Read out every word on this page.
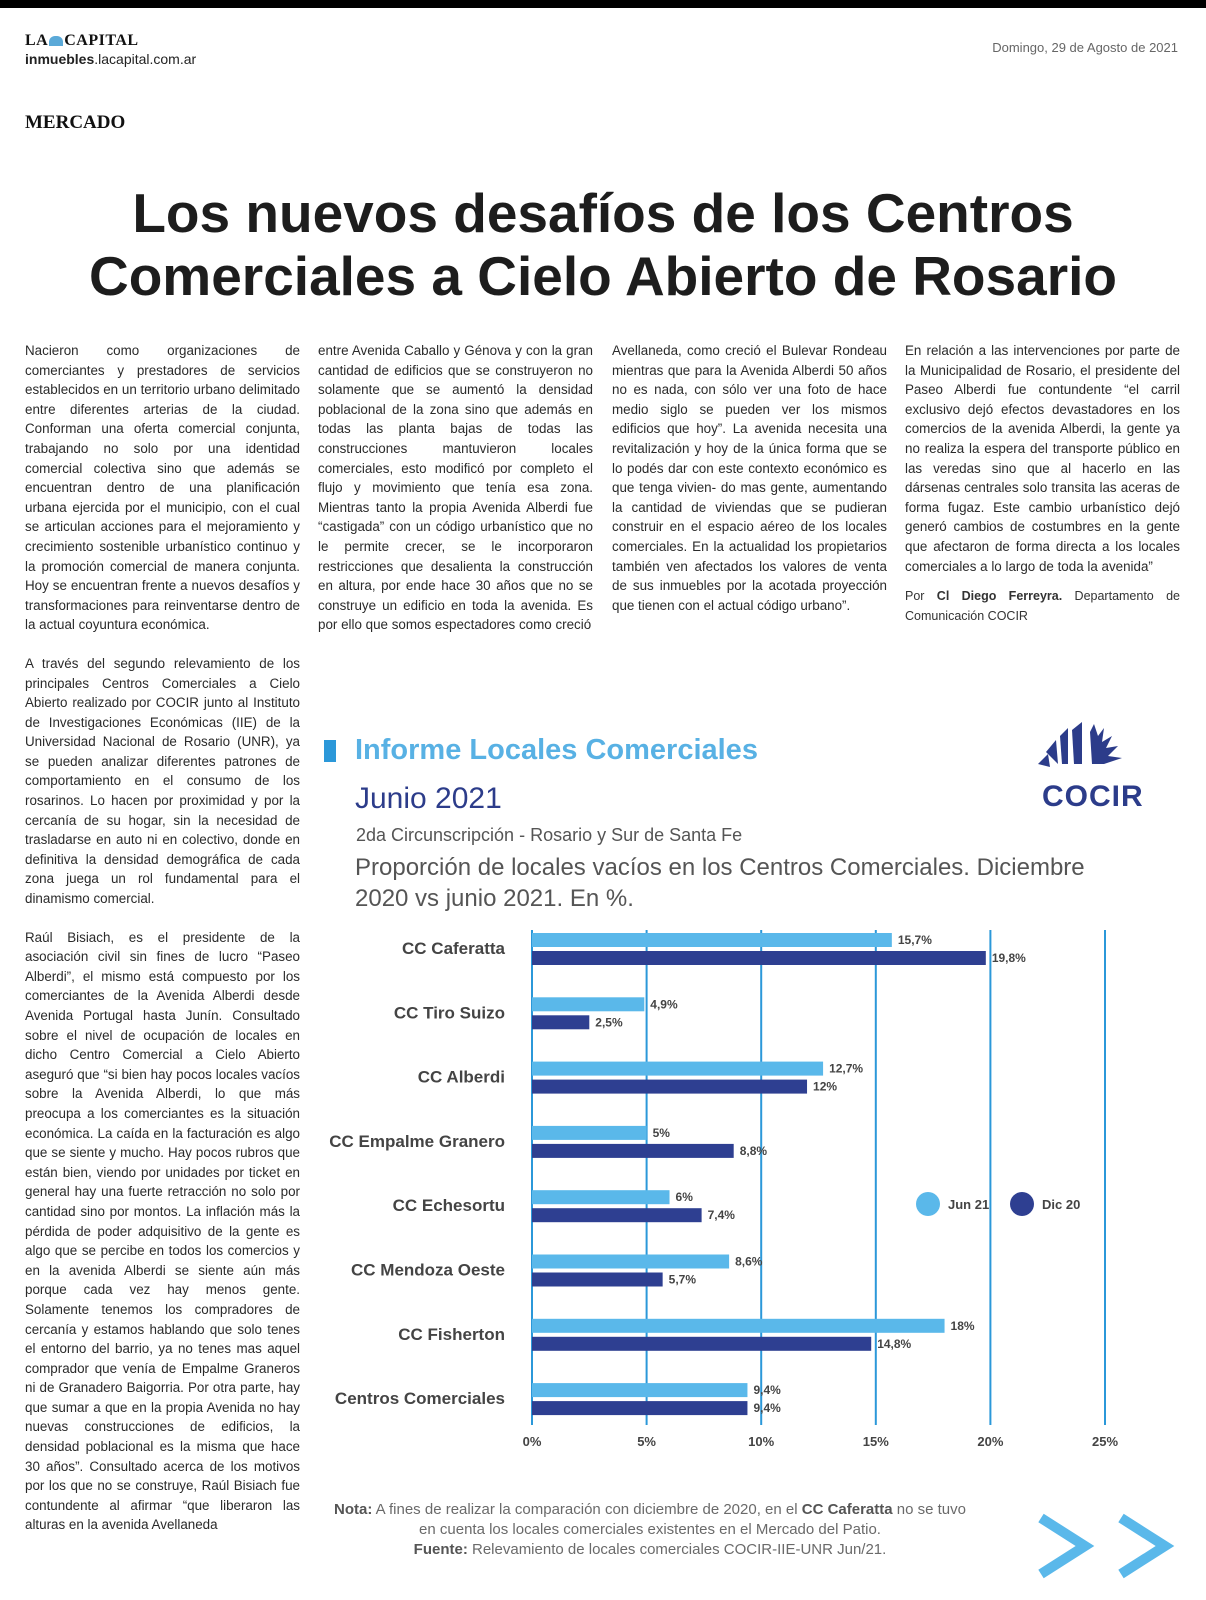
LA CAPITAL
inmuebles.lacapital.com.ar
Domingo, 29 de Agosto de 2021
MERCADO
Los nuevos desafíos de los Centros
Comerciales a Cielo Abierto de Rosario

Nacieron como organizaciones de comerciantes y prestadores de servicios establecidos en un territorio urbano delimitado entre diferentes arterias de la ciudad. Conforman una oferta comercial conjunta, trabajando no solo por una identidad comercial colectiva sino que además se encuentran dentro de una planificación urbana ejercida por el municipio, con el cual se articulan acciones para el mejoramiento y crecimiento sostenible urbanístico continuo y la promoción comercial de manera conjunta. Hoy se encuentran frente a nuevos desafíos y transformaciones para reinventarse dentro de la actual coyuntura económica.

A través del segundo relevamiento de los principales Centros Comerciales a Cielo Abierto realizado por COCIR junto al Instituto de Investigaciones Económicas (IIE) de la Universidad Nacional de Rosario (UNR), ya se pueden analizar diferentes patrones de comportamiento en el consumo de los rosarinos. Lo hacen por proximidad y por la cercanía de su hogar, sin la necesidad de trasladarse en auto ni en colectivo, donde en definitiva la densidad demográfica de cada zona juega un rol fundamental para el dinamismo comercial.

Raúl Bisiach, es el presidente de la asociación civil sin fines de lucro “Paseo Alberdi”, el mismo está compuesto por los comerciantes de la Avenida Alberdi desde Avenida Portugal hasta Junín. Consultado sobre el nivel de ocupación de locales en dicho Centro Comercial a Cielo Abierto aseguró que “si bien hay pocos locales vacíos sobre la Avenida Alberdi, lo que más preocupa a los comerciantes es la situación económica. La caída en la facturación es algo que se siente y mucho. Hay pocos rubros que están bien, viendo por unidades por ticket en general hay una fuerte retracción no solo por cantidad sino por montos. La inflación más la pérdida de poder adquisitivo de la gente es algo que se percibe en todos los comercios y en la avenida Alberdi se siente aún más porque cada vez hay menos gente. Solamente tenemos los compradores de cercanía y estamos hablando que solo tenes el entorno del barrio, ya no tenes mas aquel comprador que venía de Empalme Graneros ni de Granadero Baigorria. Por otra parte, hay que sumar a que en la propia Avenida no hay nuevas construcciones de edificios, la densidad poblacional es la misma que hace 30 años”. Consultado acerca de los motivos por los que no se construye, Raúl Bisiach fue contundente al afirmar “que liberaron las alturas en la avenida Avellaneda

entre Avenida Caballo y Génova y con la gran cantidad de edificios que se construyeron no solamente que se aumentó la densidad poblacional de la zona sino que además en todas las planta bajas de todas las construcciones mantuvieron locales comerciales, esto modificó por completo el flujo y movimiento que tenía esa zona. Mientras tanto la propia Avenida Alberdi fue “castigada” con un código urbanístico que no le permite crecer, se le incorporaron restricciones que desalienta la construcción en altura, por ende hace 30 años que no se construye un edificio en toda la avenida. Es por ello que somos espectadores como creció

Avellaneda, como creció el Bulevar Rondeau mientras que para la Avenida Alberdi 50 años no es nada, con sólo ver una foto de hace medio siglo se pueden ver los mismos edificios que hoy”. La avenida necesita una revitalización y hoy de la única forma que se lo podés dar con este contexto económico es que tenga vivien- do mas gente, aumentando la cantidad de viviendas que se pudieran construir en el espacio aéreo de los locales comerciales. En la actualidad los propietarios también ven afectados los valores de venta de sus inmuebles por la acotada proyección que tienen con el actual código urbano”.

En relación a las intervenciones por parte de la Municipalidad de Rosario, el presidente del Paseo Alberdi fue contundente “el carril exclusivo dejó efectos devastadores en los comercios de la avenida Alberdi, la gente ya no realiza la espera del transporte público en las veredas sino que al hacerlo en las dársenas centrales solo transita las aceras de forma fugaz. Este cambio urbanístico dejó generó cambios de costumbres en la gente que afectaron de forma directa a los locales comerciales a lo largo de toda la avenida”

Por Cl Diego Ferreyra. Departamento de Comunicación COCIR
Informe Locales Comerciales
Junio 2021
2da Circunscripción - Rosario y Sur de Santa Fe
Proporción de locales vacíos en los Centros Comerciales. Diciembre 2020 vs junio 2021. En %.
COCIR
0%	5%	10%	15%	20%	25%
CC Caferatta	15,7%
19,8%
CC Tiro Suizo	4,9%
2,5%
CC Alberdi	12,7%
12%
CC Empalme Granero	5%
8,8%
CC Echesortu	6%
7,4%
CC Mendoza Oeste	8,6%
5,7%
CC Fisherton	18%
14,8%
Centros Comerciales	9,4%
9,4%
Jun 21	Dic 20
Nota: A fines de realizar la comparación con diciembre de 2020, en el CC Caferatta no se tuvo en cuenta los locales comerciales existentes en el Mercado del Patio.
Fuente: Relevamiento de locales comerciales COCIR-IIE-UNR Jun/21.
